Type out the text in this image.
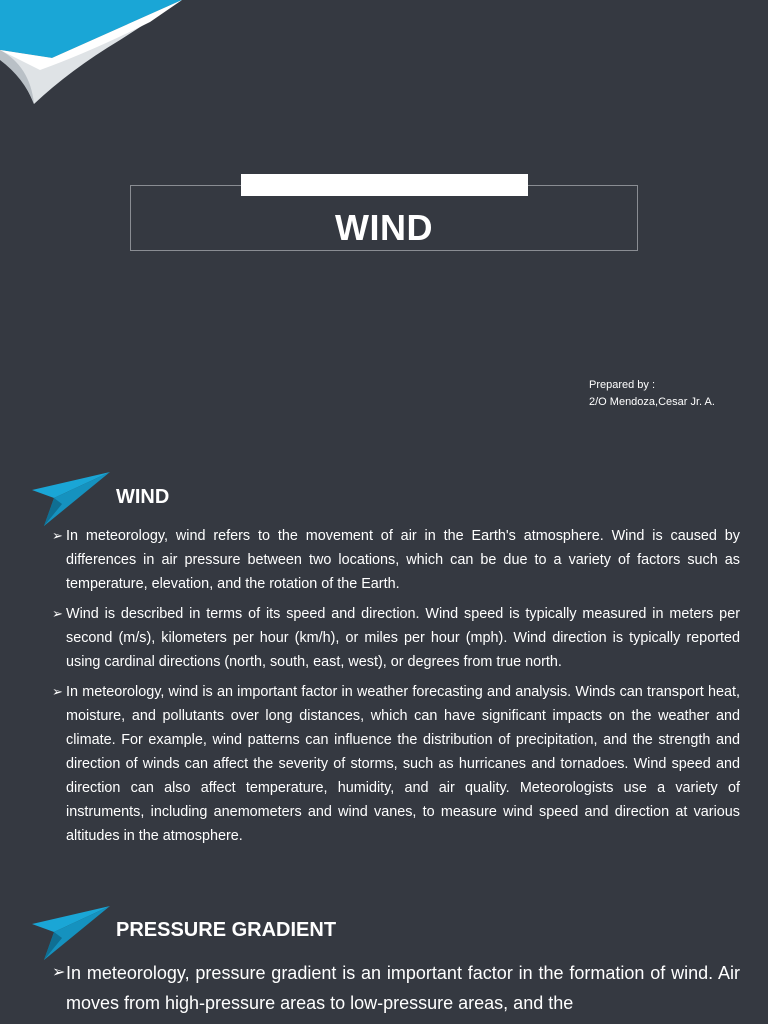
WIND
Prepared by :
2/O Mendoza,Cesar Jr. A.
WIND
➢ In meteorology, wind refers to the movement of air in the Earth's atmosphere. Wind is caused by differences in air pressure between two locations, which can be due to a variety of factors such as temperature, elevation, and the rotation of the Earth.
➢ Wind is described in terms of its speed and direction. Wind speed is typically measured in meters per second (m/s), kilometers per hour (km/h), or miles per hour (mph). Wind direction is typically reported using cardinal directions (north, south, east, west), or degrees from true north.
➢ In meteorology, wind is an important factor in weather forecasting and analysis. Winds can transport heat, moisture, and pollutants over long distances, which can have significant impacts on the weather and climate. For example, wind patterns can influence the distribution of precipitation, and the strength and direction of winds can affect the severity of storms, such as hurricanes and tornadoes. Wind speed and direction can also affect temperature, humidity, and air quality. Meteorologists use a variety of instruments, including anemometers and wind vanes, to measure wind speed and direction at various altitudes in the atmosphere.
PRESSURE GRADIENT
➢ In meteorology, pressure gradient is an important factor in the formation of wind. Air moves from high-pressure areas to low-pressure areas, and the
